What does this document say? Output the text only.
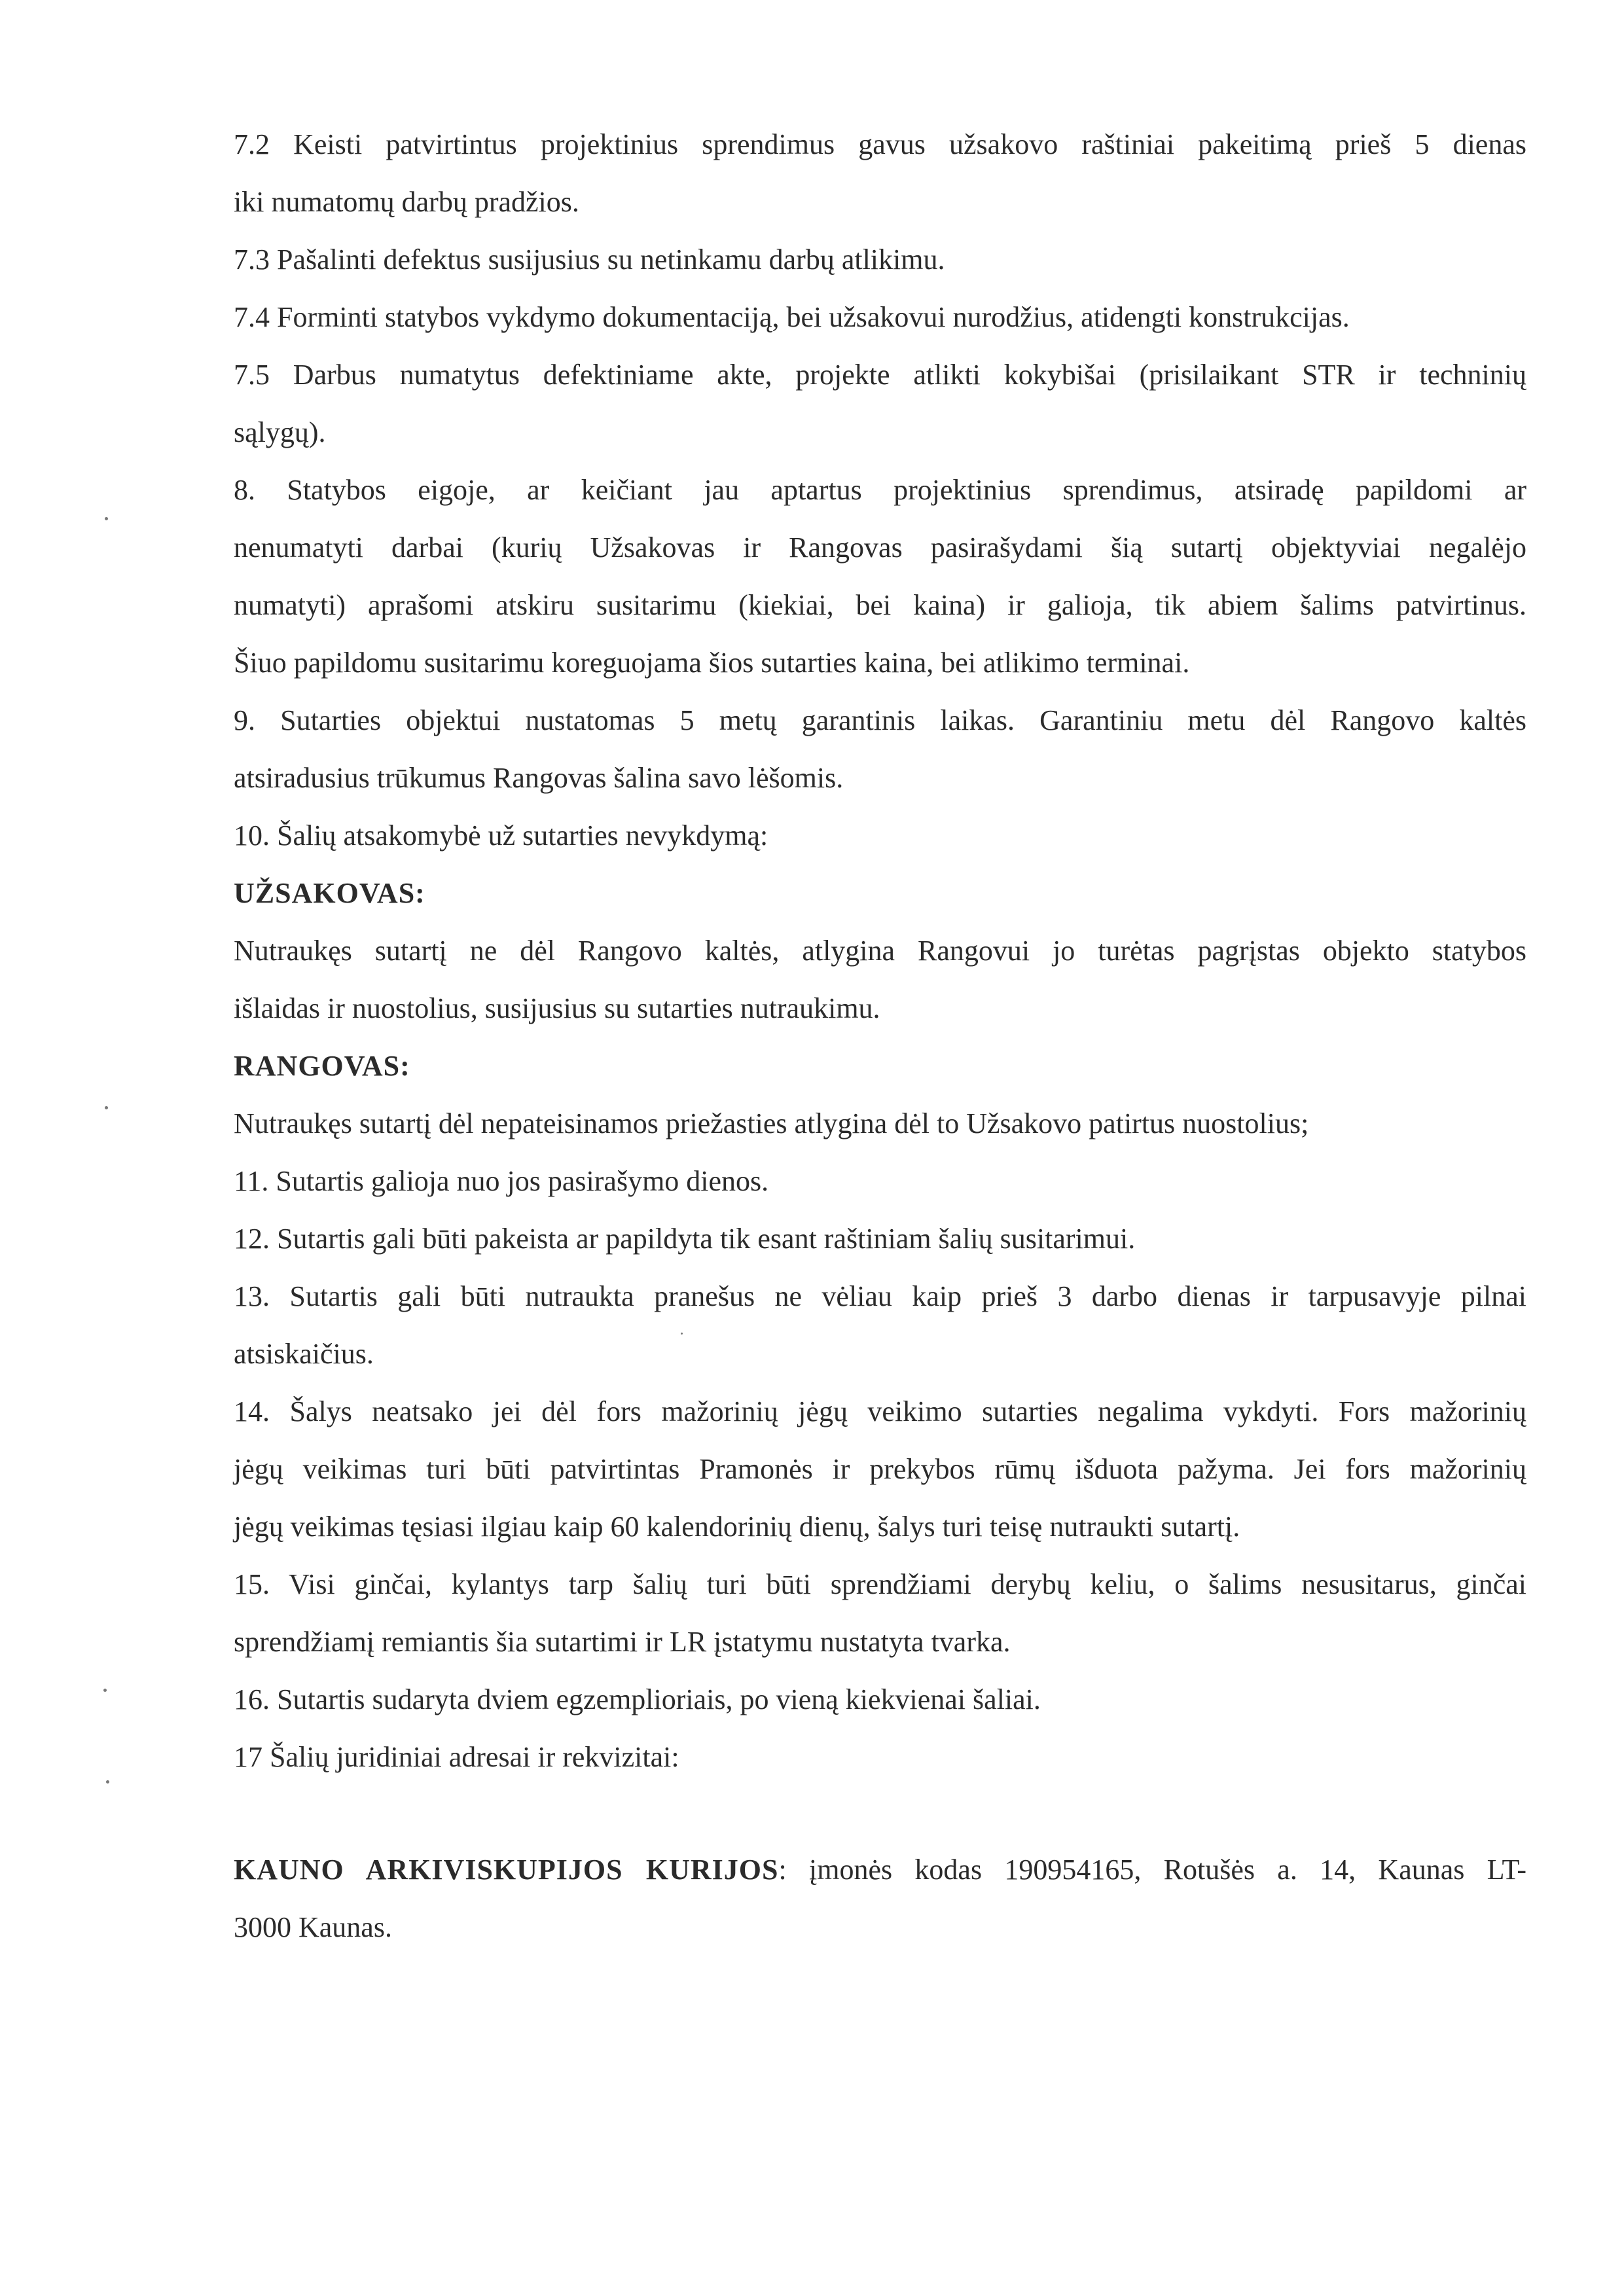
7.2 Keisti patvirtintus projektinius sprendimus gavus užsakovo raštiniai pakeitimą prieš 5 dienas

iki numatomų darbų pradžios.

7.3 Pašalinti defektus susijusius su netinkamu darbų atlikimu.

7.4 Forminti statybos vykdymo dokumentaciją, bei užsakovui nurodžius, atidengti konstrukcijas.

7.5 Darbus numatytus defektiniame akte, projekte atlikti kokybišai (prisilaikant STR ir techninių

sąlygų).

8. Statybos eigoje, ar keičiant jau aptartus projektinius sprendimus, atsiradę papildomi ar

nenumatyti darbai (kurių Užsakovas ir Rangovas pasirašydami šią sutartį objektyviai negalėjo

numatyti) aprašomi atskiru susitarimu (kiekiai, bei kaina) ir galioja, tik abiem šalims patvirtinus.

Šiuo papildomu susitarimu koreguojama šios sutarties kaina, bei atlikimo terminai.

9. Sutarties objektui nustatomas 5 metų garantinis laikas. Garantiniu metu dėl Rangovo kaltės

atsiradusius trūkumus Rangovas šalina savo lėšomis.

10. Šalių atsakomybė už sutarties nevykdymą:

UŽSAKOVAS:

Nutraukęs sutartį ne dėl Rangovo kaltės, atlygina Rangovui jo turėtas pagrįstas objekto statybos

išlaidas ir nuostolius, susijusius su sutarties nutraukimu.

RANGOVAS:

Nutraukęs sutartį dėl nepateisinamos priežasties atlygina dėl to Užsakovo patirtus nuostolius;

11. Sutartis galioja nuo jos pasirašymo dienos.

12. Sutartis gali būti pakeista ar papildyta tik esant raštiniam šalių susitarimui.

13. Sutartis gali būti nutraukta pranešus ne vėliau kaip prieš 3 darbo dienas ir tarpusavyje pilnai

atsiskaičius.

14. Šalys neatsako jei dėl fors mažorinių jėgų veikimo sutarties negalima vykdyti. Fors mažorinių

jėgų veikimas turi būti patvirtintas Pramonės ir prekybos rūmų išduota pažyma. Jei fors mažorinių

jėgų veikimas tęsiasi ilgiau kaip 60 kalendorinių dienų, šalys turi teisę nutraukti sutartį.

15. Visi ginčai, kylantys tarp šalių turi būti sprendžiami derybų keliu, o šalims nesusitarus, ginčai

sprendžiamį remiantis šia sutartimi ir LR įstatymu nustatyta tvarka.

16. Sutartis sudaryta dviem egzemplioriais, po vieną kiekvienai šaliai.

17 Šalių juridiniai adresai ir rekvizitai:

KAUNO ARKIVISKUPIJOS KURIJOS: įmonės kodas 190954165, Rotušės a. 14, Kaunas LT-

3000 Kaunas.
